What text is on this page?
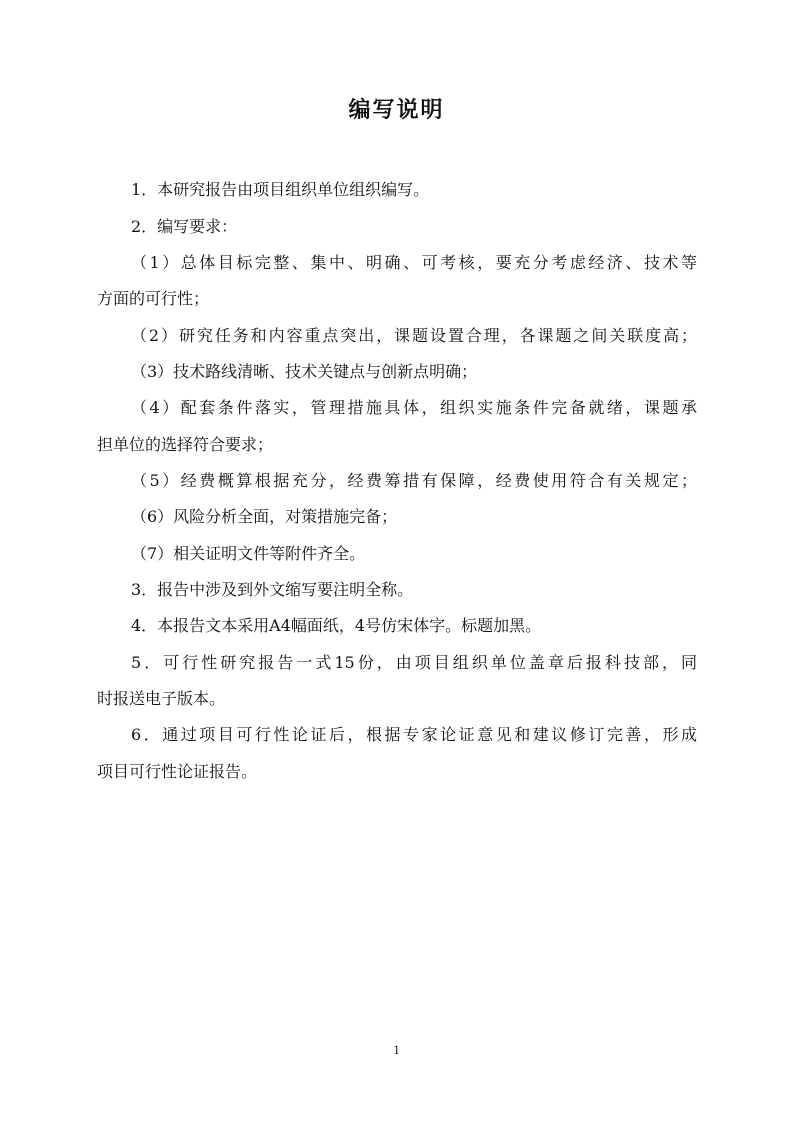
编写说明
1．本研究报告由项目组织单位组织编写。
2．编写要求：
（1）总体目标完整、集中、明确、可考核，要充分考虑经济、技术等
方面的可行性；
（2）研究任务和内容重点突出，课题设置合理，各课题之间关联度高；
（3）技术路线清晰、技术关键点与创新点明确；
（4）配套条件落实，管理措施具体，组织实施条件完备就绪，课题承
担单位的选择符合要求；
（5）经费概算根据充分，经费筹措有保障，经费使用符合有关规定；
（6）风险分析全面，对策措施完备；
（7）相关证明文件等附件齐全。
3．报告中涉及到外文缩写要注明全称。
4．本报告文本采用A4幅面纸，4号仿宋体字。标题加黑。
5．可行性研究报告一式15份，由项目组织单位盖章后报科技部，同
时报送电子版本。
6．通过项目可行性论证后，根据专家论证意见和建议修订完善，形成
项目可行性论证报告。
1
